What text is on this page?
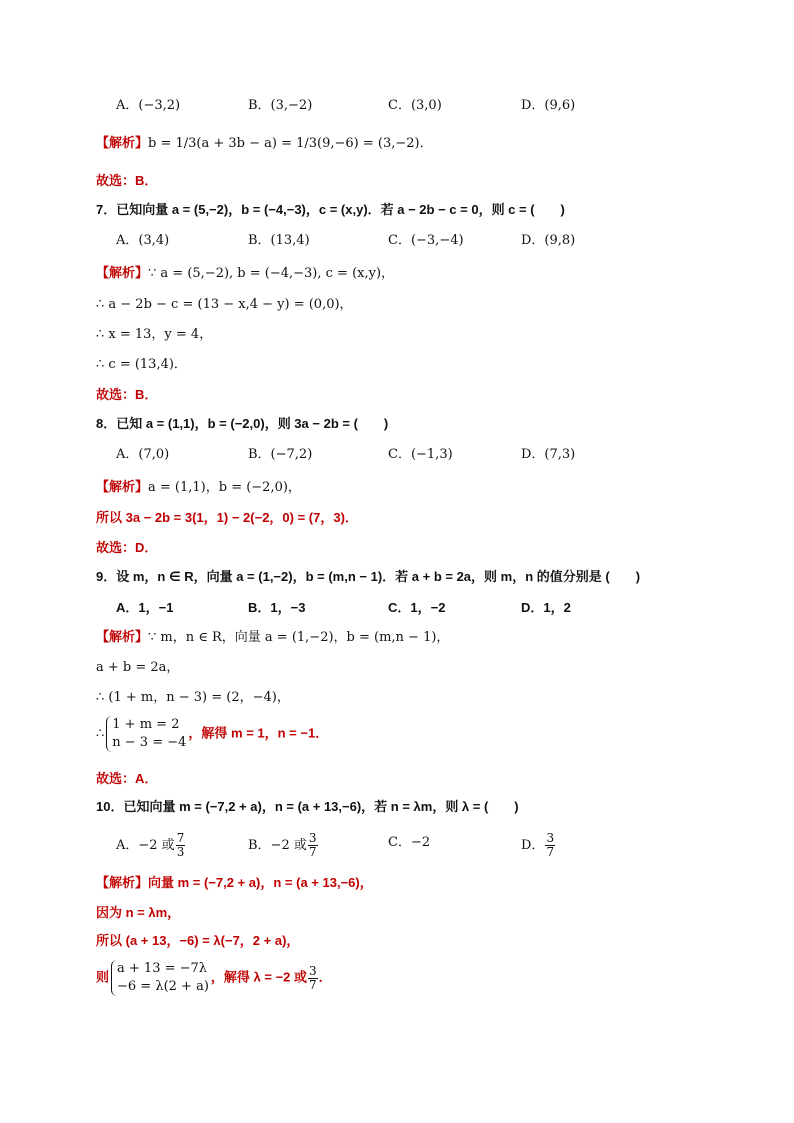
A．(−3,2)	B．(3,−2)	C．(3,0)	D．(9,6)
【解析】b = 1/3(a + 3b − a) = 1/3(9,−6) = (3,−2)．
故选：B．
7．已知向量 a = (5,−2)，b = (−4,−3)，c = (x,y)．若 a − 2b − c = 0，则 c = (　　)
A．(3,4)	B．(13,4)	C．(−3,−4)	D．(9,8)
【解析】∵ a = (5,−2), b = (−4,−3), c = (x,y)，
∴ a − 2b − c = (13 − x,4 − y) = (0,0)，
∴ x = 13，y = 4，
∴ c = (13,4)．
故选：B．
8．已知 a = (1,1)，b = (−2,0)，则 3a − 2b = (　　)
A．(7,0)	B．(−7,2)	C．(−1,3)	D．(7,3)
【解析】a = (1,1)，b = (−2,0)，
所以 3a − 2b = 3(1，1) − 2(−2，0) = (7，3)．
故选：D．
9．设 m，n ∈ R，向量 a = (1,−2)，b = (m,n − 1)．若 a + b = 2a，则 m，n 的值分别是 (　　)
A．1，−1	B．1，−3	C．1，−2	D．1，2
【解析】∵ m，n ∈ R，向量 a = (1,−2)，b = (m,n − 1)，
a + b = 2a，
∴ (1 + m，n − 3) = (2，−4)，
∴
1 + m = 2
n − 3 = −4
，解得 m = 1，n = −1．
故选：A．
10．已知向量 m = (−7,2 + a)，n = (a + 13,−6)，若 n = λm，则 λ = (　　)
A．−2 或 $\frac{7}{3}$	B．−2 或 $\frac{3}{7}$	C．−2	D． $\frac{3}{7}$
【解析】向量 m = (−7,2 + a)，n = (a + 13,−6)，
因为 n = λm，
所以 (a + 13，−6) = λ(−7，2 + a)，
则
a + 13 = −7λ
−6 = λ(2 + a)
，解得 λ = −2 或 $\frac{3}{7}$ ．
